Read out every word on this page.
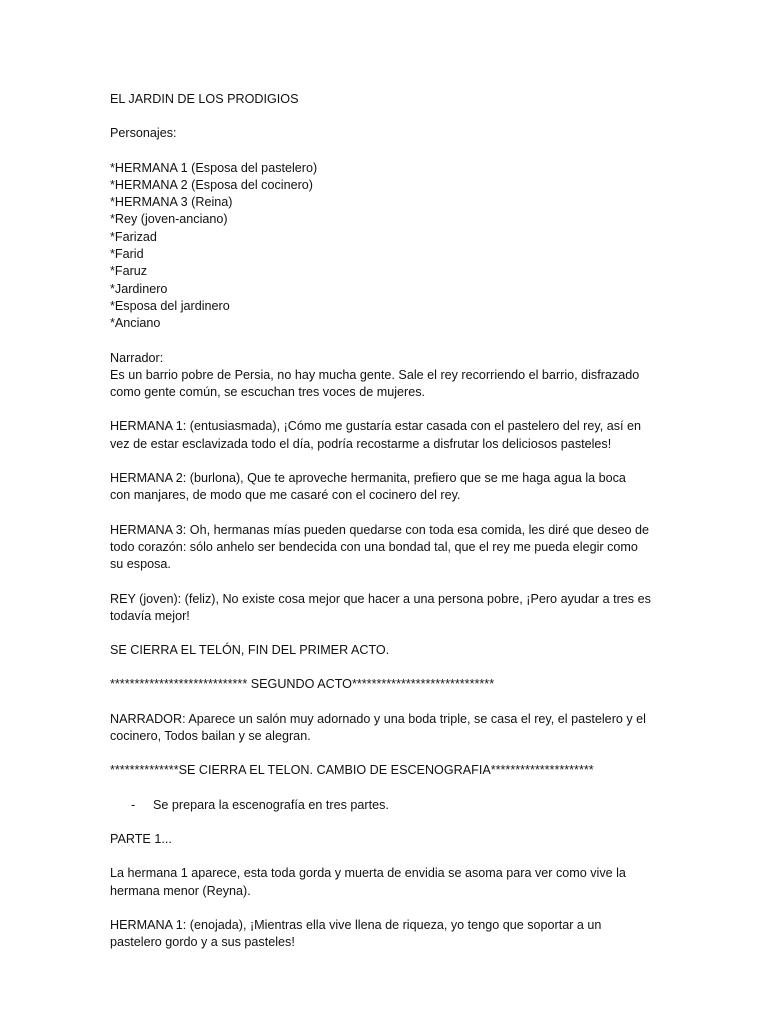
EL JARDIN DE LOS PRODIGIOS
Personajes:
*HERMANA 1 (Esposa del pastelero)
*HERMANA 2 (Esposa del cocinero)
*HERMANA 3 (Reina)
*Rey (joven-anciano)
*Farizad
*Farid
*Faruz
*Jardinero
*Esposa del jardinero
*Anciano
Narrador:
Es un barrio pobre de Persia, no hay mucha gente. Sale el rey recorriendo el barrio, disfrazado
como gente común, se escuchan tres voces de mujeres.
HERMANA 1: (entusiasmada), ¡Cómo me gustaría estar casada con el pastelero del rey, así en
vez de estar esclavizada todo el día, podría recostarme a disfrutar los deliciosos pasteles!
HERMANA 2: (burlona), Que te aproveche hermanita, prefiero que se me haga agua la boca
con manjares, de modo que me casaré con el cocinero del rey.
HERMANA 3: Oh, hermanas mías pueden quedarse con toda esa comida, les diré que deseo de
todo corazón: sólo anhelo ser bendecida con una bondad tal, que el rey me pueda elegir como
su esposa.
REY (joven): (feliz), No existe cosa mejor que hacer a una persona pobre, ¡Pero ayudar a tres es
todavía mejor!
SE CIERRA EL TELÓN, FIN DEL PRIMER ACTO.
**************************** SEGUNDO ACTO*****************************
NARRADOR: Aparece un salón muy adornado y una boda triple, se casa el rey, el pastelero y el
cocinero, Todos bailan y se alegran.
**************SE CIERRA EL TELON. CAMBIO DE ESCENOGRAFIA*********************
-	Se prepara la escenografía en tres partes.
PARTE 1...
La hermana 1 aparece, esta toda gorda y muerta de envidia se asoma para ver como vive la
hermana menor (Reyna).
HERMANA 1: (enojada), ¡Mientras ella vive llena de riqueza, yo tengo que soportar a un
pastelero gordo y a sus pasteles!
